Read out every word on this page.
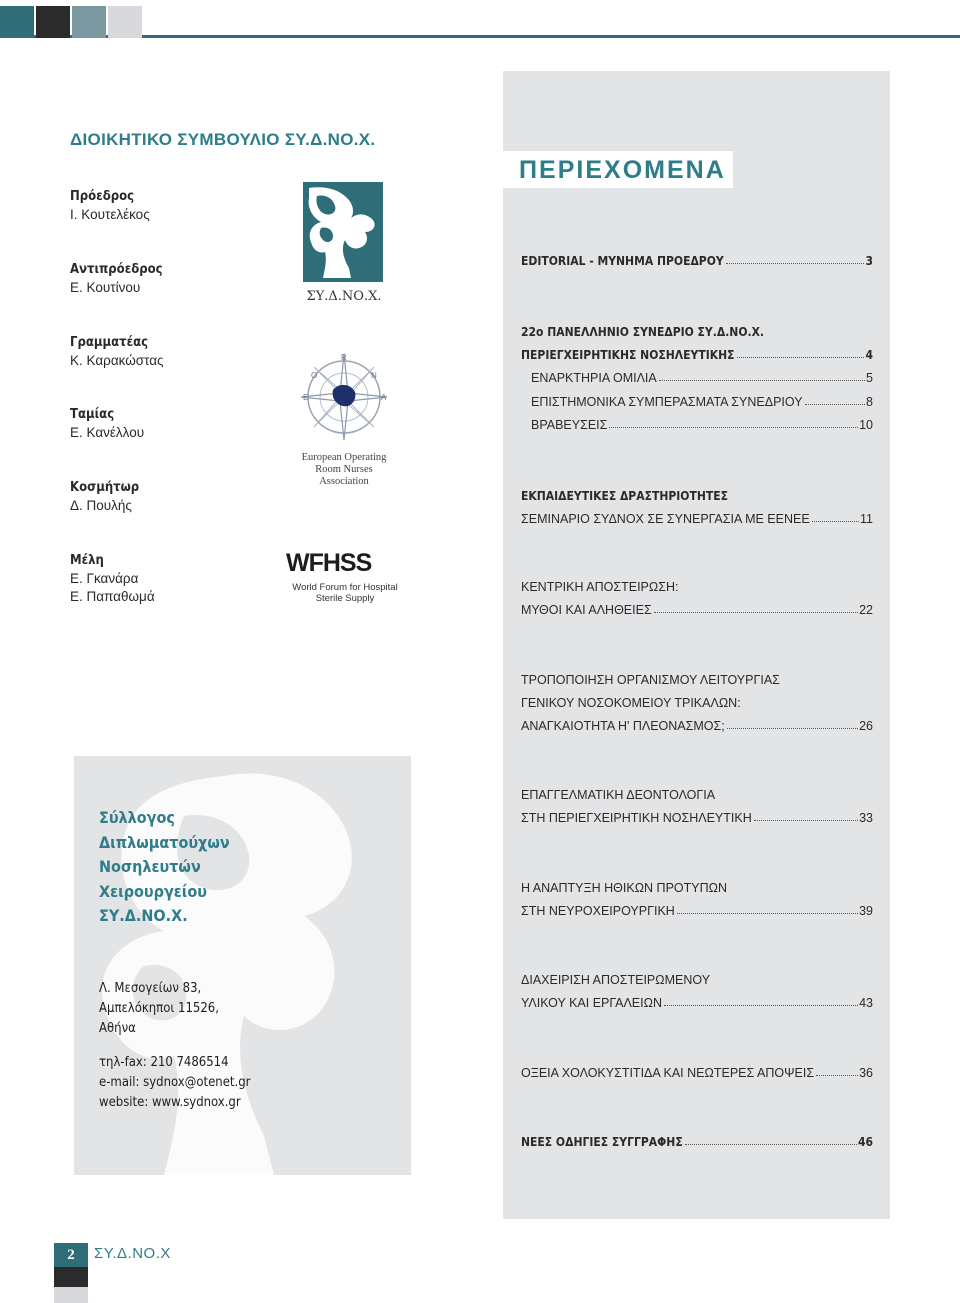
ΔΙΟΙΚΗΤΙΚΟ ΣΥΜΒΟΥΛΙΟ ΣΥ.Δ.ΝΟ.Χ.
Πρόεδρος
Ι. Κουτελέκος
Αντιπρόεδρος
Ε. Κουτίνου
Γραμματέας
Κ. Καρακώστας
Ταμίας
Ε. Κανέλλου
Κοσμήτωρ
Δ. Πουλής
Μέλη
Ε. Γκανάρα
Ε. Παπαθωμά
ΣΥ.Δ.ΝΟ.Χ.
R
O
E
N
A
European Operating Room Nurses Association
WFHSS
World Forum for Hospital Sterile Supply
ΠΕΡΙΕΧΟΜΕΝΑ
EDITORIAL - ΜΥΝΗΜΑ ΠΡΟΕΔΡΟΥ	3
22ο ΠΑΝΕΛΛΗΝΙΟ ΣΥΝΕΔΡΙΟ ΣΥ.Δ.ΝΟ.Χ.
ΠΕΡΙΕΓΧΕΙΡΗΤΙΚΗΣ ΝΟΣΗΛΕΥΤΙΚΗΣ	4
ΕΝΑΡΚΤΗΡΙΑ ΟΜΙΛΙΑ	5
ΕΠΙΣΤΗΜΟΝΙΚΑ ΣΥΜΠΕΡΑΣΜΑΤΑ ΣΥΝΕΔΡΙΟΥ	8
ΒΡΑΒΕΥΣΕΙΣ	10
ΕΚΠΑΙΔΕΥΤΙΚΕΣ ΔΡΑΣΤΗΡΙΟΤΗΤΕΣ
ΣΕΜΙΝΑΡΙΟ ΣΥΔΝΟΧ ΣΕ ΣΥΝΕΡΓΑΣΙΑ ΜΕ ΕΕΝΕΕ	11
ΚΕΝΤΡΙΚΗ ΑΠΟΣΤΕΙΡΩΣΗ:
ΜΥΘΟΙ ΚΑΙ ΑΛΗΘΕΙΕΣ	22
ΤΡΟΠΟΠΟΙΗΣΗ ΟΡΓΑΝΙΣΜΟΥ ΛΕΙΤΟΥΡΓΙΑΣ
ΓΕΝΙΚΟΥ ΝΟΣΟΚΟΜΕΙΟΥ ΤΡΙΚΑΛΩΝ:
ΑΝΑΓΚΑΙΟΤΗΤΑ Η' ΠΛΕΟΝΑΣΜΟΣ;	26
ΕΠΑΓΓΕΛΜΑΤΙΚΗ ΔΕΟΝΤΟΛΟΓΙΑ
ΣΤΗ ΠΕΡΙΕΓΧΕΙΡΗΤΙΚΗ ΝΟΣΗΛΕΥΤΙΚΗ	33
Η ΑΝΑΠΤΥΞΗ ΗΘΙΚΩΝ ΠΡΟΤΥΠΩΝ
ΣΤΗ ΝΕΥΡΟΧΕΙΡΟΥΡΓΙΚΗ	39
ΔΙΑΧΕΙΡΙΣΗ ΑΠΟΣΤΕΙΡΩΜΕΝΟΥ
ΥΛΙΚΟΥ ΚΑΙ ΕΡΓΑΛΕΙΩΝ	43
ΟΞΕΙΑ ΧΟΛΟΚΥΣΤΙΤΙΔΑ ΚΑΙ ΝΕΩΤΕΡΕΣ ΑΠΟΨΕΙΣ	36
ΝΕΕΣ ΟΔΗΓΙΕΣ ΣΥΓΓΡΑΦΗΣ	46
Σύλλογος
Διπλωματούχων
Νοσηλευτών
Χειρουργείου
ΣΥ.Δ.ΝΟ.Χ.
Λ. Μεσογείων 83,
Αμπελόκηποι 11526,
Αθήνα
τηλ-fax: 210 7486514
e-mail: sydnox@otenet.gr
website: www.sydnox.gr
2	ΣΥ.Δ.ΝΟ.Χ
